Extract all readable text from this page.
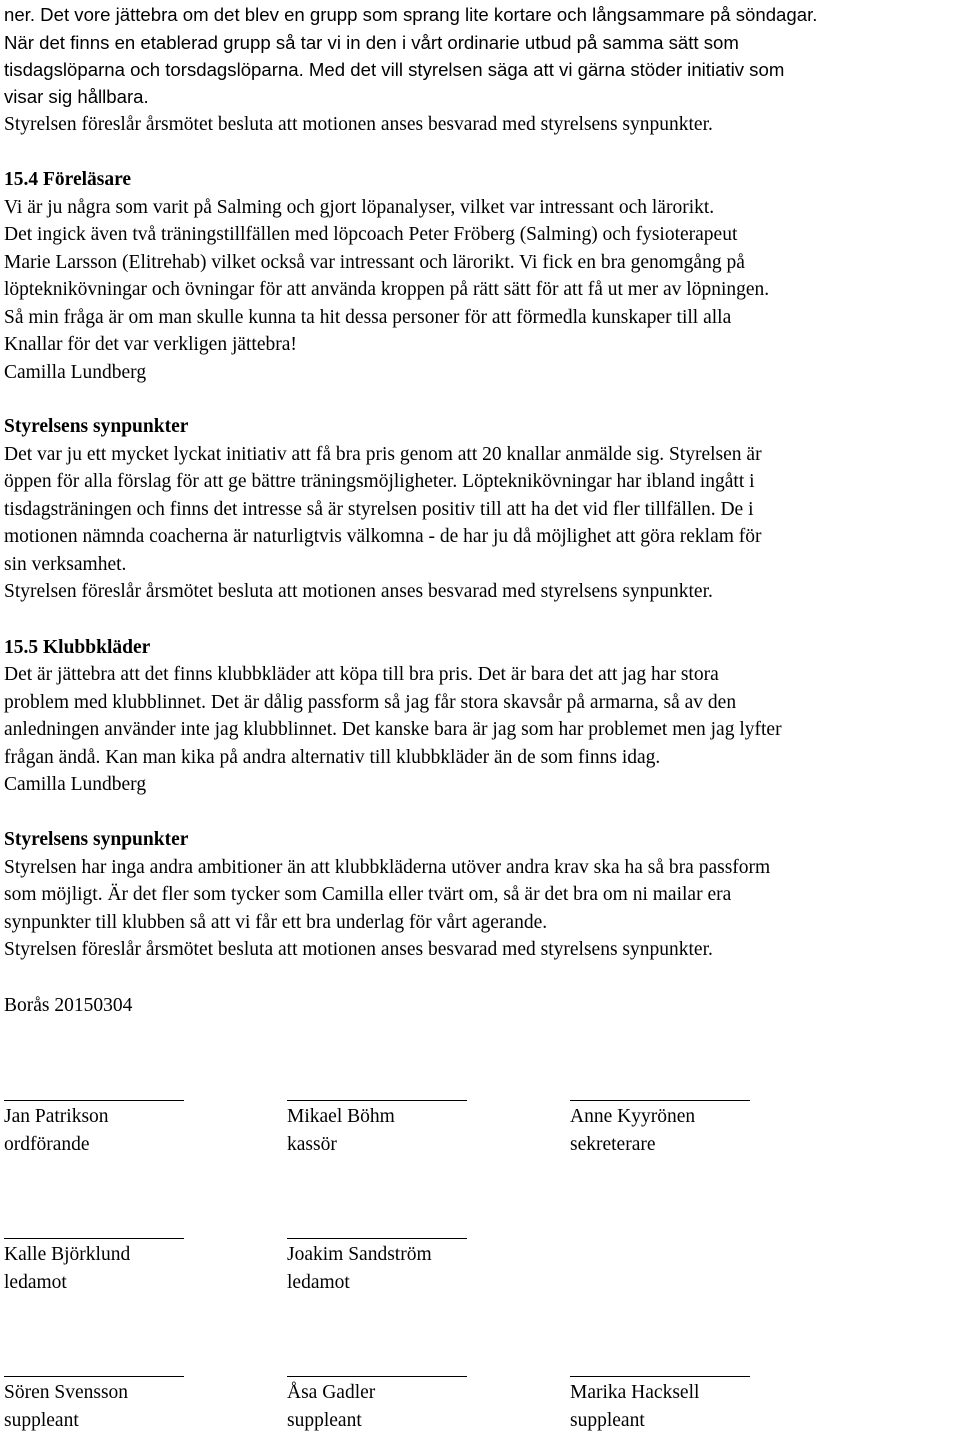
ner. Det vore jättebra om det blev en grupp som sprang lite kortare och långsammare på söndagar.
När det finns en etablerad grupp så tar vi in den i vårt ordinarie utbud på samma sätt som
tisdagslöparna och torsdagslöparna. Med det vill styrelsen säga att vi gärna stöder initiativ som
visar sig hållbara.
Styrelsen föreslår årsmötet besluta att motionen anses besvarad med styrelsens synpunkter.
15.4 Föreläsare
Vi är ju några som varit på Salming och gjort löpanalyser, vilket var intressant och lärorikt.
Det ingick även två träningstillfällen med löpcoach Peter Fröberg (Salming) och fysioterapeut
Marie Larsson (Elitrehab) vilket också var intressant och lärorikt. Vi fick en bra genomgång på
löpteknikövningar och övningar för att använda kroppen på rätt sätt för att få ut mer av löpningen.
Så min fråga är om man skulle kunna ta hit dessa personer för att förmedla kunskaper till alla
Knallar för det var verkligen jättebra!
Camilla Lundberg
Styrelsens synpunkter
Det var ju ett mycket lyckat initiativ att få bra pris genom att 20 knallar anmälde sig. Styrelsen är
öppen för alla förslag för att ge bättre träningsmöjligheter. Löpteknikövningar har ibland ingått i
tisdagsträningen och finns det intresse så är styrelsen positiv till att ha det vid fler tillfällen. De i
motionen nämnda coacherna är naturligtvis välkomna - de har ju då möjlighet att göra reklam för
sin verksamhet.
Styrelsen föreslår årsmötet besluta att motionen anses besvarad med styrelsens synpunkter.
15.5 Klubbkläder
Det är jättebra att det finns klubbkläder att köpa till bra pris. Det är bara det att jag har stora
problem med klubblinnet. Det är dålig passform så jag får stora skavsår på armarna, så av den
anledningen använder inte jag klubblinnet. Det kanske bara är jag som har problemet men jag lyfter
frågan ändå. Kan man kika på andra alternativ till klubbkläder än de som finns idag.
Camilla Lundberg
Styrelsens synpunkter
Styrelsen har inga andra ambitioner än att klubbkläderna utöver andra krav ska ha så bra passform
som möjligt. Är det fler som tycker som Camilla eller tvärt om, så är det bra om ni mailar era
synpunkter till klubben så att vi får ett bra underlag för vårt agerande.
Styrelsen föreslår årsmötet besluta att motionen anses besvarad med styrelsens synpunkter.
Borås 20150304
Jan Patrikson
ordförande
Mikael Böhm
kassör
Anne Kyyrönen
sekreterare
Kalle Björklund
ledamot
Joakim Sandström
ledamot
Sören Svensson
suppleant
Åsa Gadler
suppleant
Marika Hacksell
suppleant
